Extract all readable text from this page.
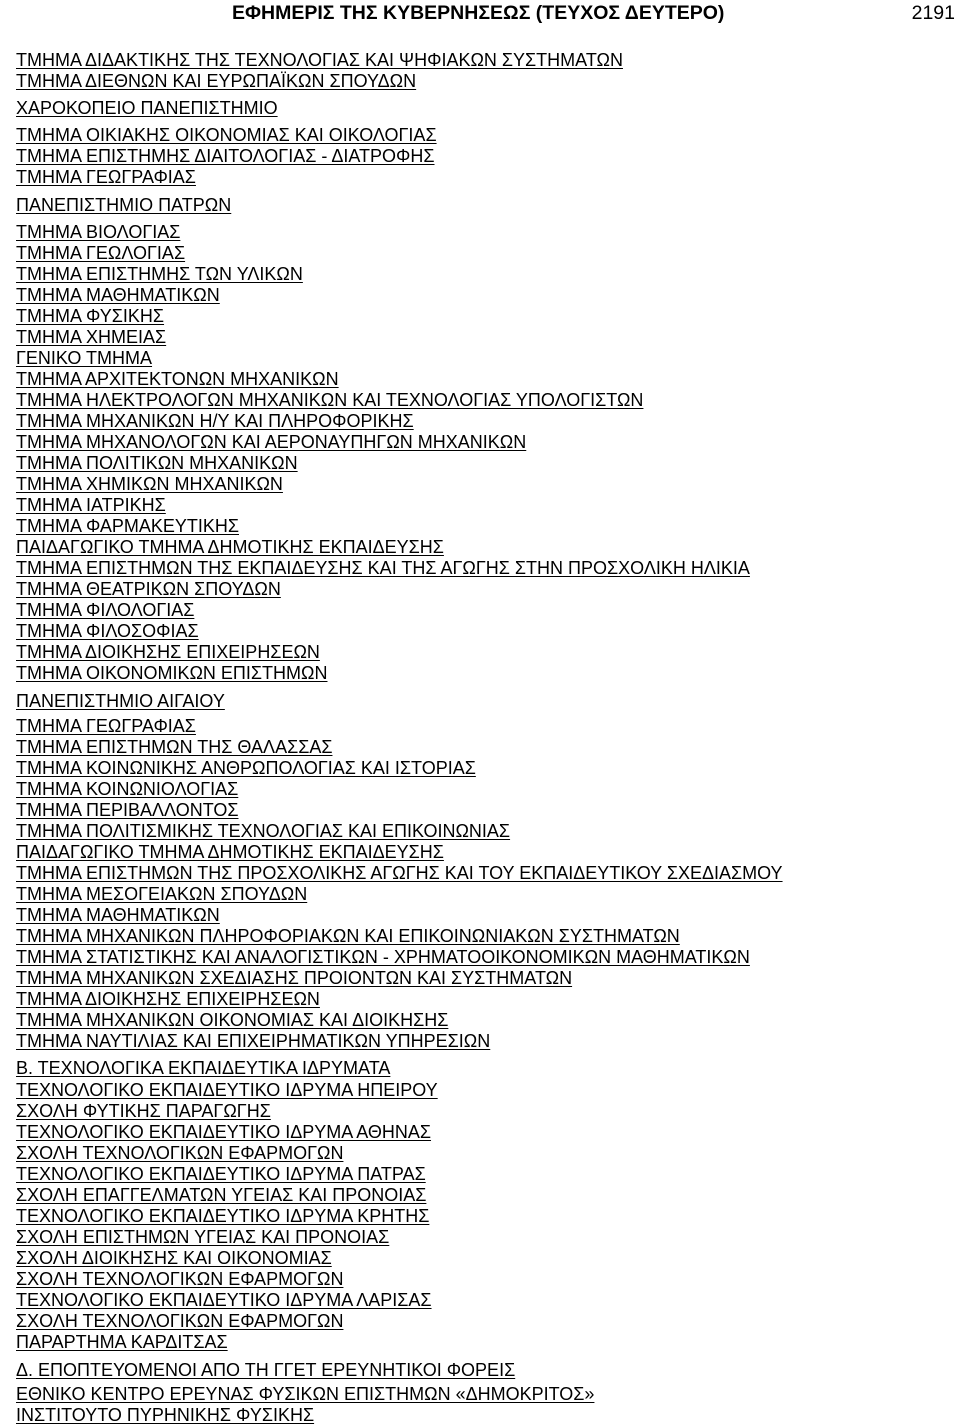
ΕΦΗΜΕΡΙΣ ΤΗΣ ΚΥΒΕΡΝΗΣΕΩΣ (ΤΕΥΧΟΣ ΔΕΥΤΕΡΟ)	2191
ΤΜΗΜΑ ΔΙΔΑΚΤΙΚΗΣ ΤΗΣ ΤΕΧΝΟΛΟΓΙΑΣ ΚΑΙ ΨΗΦΙΑΚΩΝ ΣΥΣΤΗΜΑΤΩΝ
ΤΜΗΜΑ ΔΙΕΘΝΩΝ ΚΑΙ ΕΥΡΩΠΑΪΚΩΝ ΣΠΟΥΔΩΝ
ΧΑΡΟΚΟΠΕΙΟ ΠΑΝΕΠΙΣΤΗΜΙΟ
ΤΜΗΜΑ ΟΙΚΙΑΚΗΣ ΟΙΚΟΝΟΜΙΑΣ ΚΑΙ ΟΙΚΟΛΟΓΙΑΣ
ΤΜΗΜΑ ΕΠΙΣΤΗΜΗΣ ΔΙΑΙΤΟΛΟΓΙΑΣ - ΔΙΑΤΡΟΦΗΣ
ΤΜΗΜΑ ΓΕΩΓΡΑΦΙΑΣ
ΠΑΝΕΠΙΣΤΗΜΙΟ ΠΑΤΡΩΝ
ΤΜΗΜΑ ΒΙΟΛΟΓΙΑΣ
ΤΜΗΜΑ ΓΕΩΛΟΓΙΑΣ
ΤΜΗΜΑ ΕΠΙΣΤΗΜΗΣ ΤΩΝ ΥΛΙΚΩΝ
ΤΜΗΜΑ ΜΑΘΗΜΑΤΙΚΩΝ
ΤΜΗΜΑ ΦΥΣΙΚΗΣ
ΤΜΗΜΑ ΧΗΜΕΙΑΣ
ΓΕΝΙΚΟ ΤΜΗΜΑ
ΤΜΗΜΑ ΑΡΧΙΤΕΚΤΟΝΩΝ ΜΗΧΑΝΙΚΩΝ
ΤΜΗΜΑ ΗΛΕΚΤΡΟΛΟΓΩΝ ΜΗΧΑΝΙΚΩΝ ΚΑΙ ΤΕΧΝΟΛΟΓΙΑΣ ΥΠΟΛΟΓΙΣΤΩΝ
ΤΜΗΜΑ ΜΗΧΑΝΙΚΩΝ Η/Υ ΚΑΙ ΠΛΗΡΟΦΟΡΙΚΗΣ
ΤΜΗΜΑ ΜΗΧΑΝΟΛΟΓΩΝ ΚΑΙ ΑΕΡΟΝΑΥΠΗΓΩΝ ΜΗΧΑΝΙΚΩΝ
ΤΜΗΜΑ ΠΟΛΙΤΙΚΩΝ ΜΗΧΑΝΙΚΩΝ
ΤΜΗΜΑ ΧΗΜΙΚΩΝ ΜΗΧΑΝΙΚΩΝ
ΤΜΗΜΑ ΙΑΤΡΙΚΗΣ
ΤΜΗΜΑ ΦΑΡΜΑΚΕΥΤΙΚΗΣ
ΠΑΙΔΑΓΩΓΙΚΟ ΤΜΗΜΑ ΔΗΜΟΤΙΚΗΣ ΕΚΠΑΙΔΕΥΣΗΣ
ΤΜΗΜΑ ΕΠΙΣΤΗΜΩΝ ΤΗΣ ΕΚΠΑΙΔΕΥΣΗΣ ΚΑΙ ΤΗΣ ΑΓΩΓΗΣ ΣΤΗΝ ΠΡΟΣΧΟΛΙΚΗ ΗΛΙΚΙΑ
ΤΜΗΜΑ ΘΕΑΤΡΙΚΩΝ ΣΠΟΥΔΩΝ
ΤΜΗΜΑ ΦΙΛΟΛΟΓΙΑΣ
ΤΜΗΜΑ ΦΙΛΟΣΟΦΙΑΣ
ΤΜΗΜΑ ΔΙΟΙΚΗΣΗΣ ΕΠΙΧΕΙΡΗΣΕΩΝ
ΤΜΗΜΑ ΟΙΚΟΝΟΜΙΚΩΝ ΕΠΙΣΤΗΜΩΝ
ΠΑΝΕΠΙΣΤΗΜΙΟ ΑΙΓΑΙΟΥ
ΤΜΗΜΑ ΓΕΩΓΡΑΦΙΑΣ
ΤΜΗΜΑ ΕΠΙΣΤΗΜΩΝ ΤΗΣ ΘΑΛΑΣΣΑΣ
ΤΜΗΜΑ ΚΟΙΝΩΝΙΚΗΣ ΑΝΘΡΩΠΟΛΟΓΙΑΣ ΚΑΙ ΙΣΤΟΡΙΑΣ
ΤΜΗΜΑ ΚΟΙΝΩΝΙΟΛΟΓΙΑΣ
ΤΜΗΜΑ ΠΕΡΙΒΑΛΛΟΝΤΟΣ
ΤΜΗΜΑ ΠΟΛΙΤΙΣΜΙΚΗΣ ΤΕΧΝΟΛΟΓΙΑΣ ΚΑΙ ΕΠΙΚΟΙΝΩΝΙΑΣ
ΠΑΙΔΑΓΩΓΙΚΟ ΤΜΗΜΑ ΔΗΜΟΤΙΚΗΣ ΕΚΠΑΙΔΕΥΣΗΣ
ΤΜΗΜΑ ΕΠΙΣΤΗΜΩΝ ΤΗΣ ΠΡΟΣΧΟΛΙΚΗΣ ΑΓΩΓΗΣ ΚΑΙ ΤΟΥ ΕΚΠΑΙΔΕΥΤΙΚΟΥ ΣΧΕΔΙΑΣΜΟΥ
ΤΜΗΜΑ ΜΕΣΟΓΕΙΑΚΩΝ ΣΠΟΥΔΩΝ
ΤΜΗΜΑ ΜΑΘΗΜΑΤΙΚΩΝ
ΤΜΗΜΑ ΜΗΧΑΝΙΚΩΝ ΠΛΗΡΟΦΟΡΙΑΚΩΝ ΚΑΙ ΕΠΙΚΟΙΝΩΝΙΑΚΩΝ ΣΥΣΤΗΜΑΤΩΝ
ΤΜΗΜΑ ΣΤΑΤΙΣΤΙΚΗΣ ΚΑΙ ΑΝΑΛΟΓΙΣΤΙΚΩΝ - ΧΡΗΜΑΤΟΟΙΚΟΝΟΜΙΚΩΝ ΜΑΘΗΜΑΤΙΚΩΝ
ΤΜΗΜΑ ΜΗΧΑΝΙΚΩΝ ΣΧΕΔΙΑΣΗΣ ΠΡΟΙΟΝΤΩΝ ΚΑΙ ΣΥΣΤΗΜΑΤΩΝ
ΤΜΗΜΑ ΔΙΟΙΚΗΣΗΣ ΕΠΙΧΕΙΡΗΣΕΩΝ
ΤΜΗΜΑ ΜΗΧΑΝΙΚΩΝ ΟΙΚΟΝΟΜΙΑΣ ΚΑΙ ΔΙΟΙΚΗΣΗΣ
ΤΜΗΜΑ ΝΑΥΤΙΛΙΑΣ ΚΑΙ ΕΠΙΧΕΙΡΗΜΑΤΙΚΩΝ ΥΠΗΡΕΣΙΩΝ
Β. ΤΕΧΝΟΛΟΓΙΚΑ ΕΚΠΑΙΔΕΥΤΙΚΑ ΙΔΡΥΜΑΤΑ
ΤΕΧΝΟΛΟΓΙΚΟ ΕΚΠΑΙΔΕΥΤΙΚΟ ΙΔΡΥΜΑ ΗΠΕΙΡΟΥ
ΣΧΟΛΗ ΦΥΤΙΚΗΣ ΠΑΡΑΓΩΓΗΣ
ΤΕΧΝΟΛΟΓΙΚΟ ΕΚΠΑΙΔΕΥΤΙΚΟ ΙΔΡΥΜΑ ΑΘΗΝΑΣ
ΣΧΟΛΗ ΤΕΧΝΟΛΟΓΙΚΩΝ ΕΦΑΡΜΟΓΩΝ
ΤΕΧΝΟΛΟΓΙΚΟ ΕΚΠΑΙΔΕΥΤΙΚΟ ΙΔΡΥΜΑ ΠΑΤΡΑΣ
ΣΧΟΛΗ ΕΠΑΓΓΕΛΜΑΤΩΝ ΥΓΕΙΑΣ ΚΑΙ ΠΡΟΝΟΙΑΣ
ΤΕΧΝΟΛΟΓΙΚΟ ΕΚΠΑΙΔΕΥΤΙΚΟ ΙΔΡΥΜΑ ΚΡΗΤΗΣ
ΣΧΟΛΗ ΕΠΙΣΤΗΜΩΝ ΥΓΕΙΑΣ ΚΑΙ ΠΡΟΝΟΙΑΣ
ΣΧΟΛΗ ΔΙΟΙΚΗΣΗΣ ΚΑΙ ΟΙΚΟΝΟΜΙΑΣ
ΣΧΟΛΗ ΤΕΧΝΟΛΟΓΙΚΩΝ ΕΦΑΡΜΟΓΩΝ
ΤΕΧΝΟΛΟΓΙΚΟ ΕΚΠΑΙΔΕΥΤΙΚΟ ΙΔΡΥΜΑ ΛΑΡΙΣΑΣ
ΣΧΟΛΗ ΤΕΧΝΟΛΟΓΙΚΩΝ ΕΦΑΡΜΟΓΩΝ
ΠΑΡΑΡΤΗΜΑ ΚΑΡΔΙΤΣΑΣ
Δ. ΕΠΟΠΤΕΥΟΜΕΝΟΙ ΑΠΟ ΤΗ ΓΓΕΤ ΕΡΕΥΝΗΤΙΚΟΙ ΦΟΡΕΙΣ
ΕΘΝΙΚΟ ΚΕΝΤΡΟ ΕΡΕΥΝΑΣ ΦΥΣΙΚΩΝ ΕΠΙΣΤΗΜΩΝ «ΔΗΜΟΚΡΙΤΟΣ»
ΙΝΣΤΙΤΟΥΤΟ ΠΥΡΗΝΙΚΗΣ ΦΥΣΙΚΗΣ
